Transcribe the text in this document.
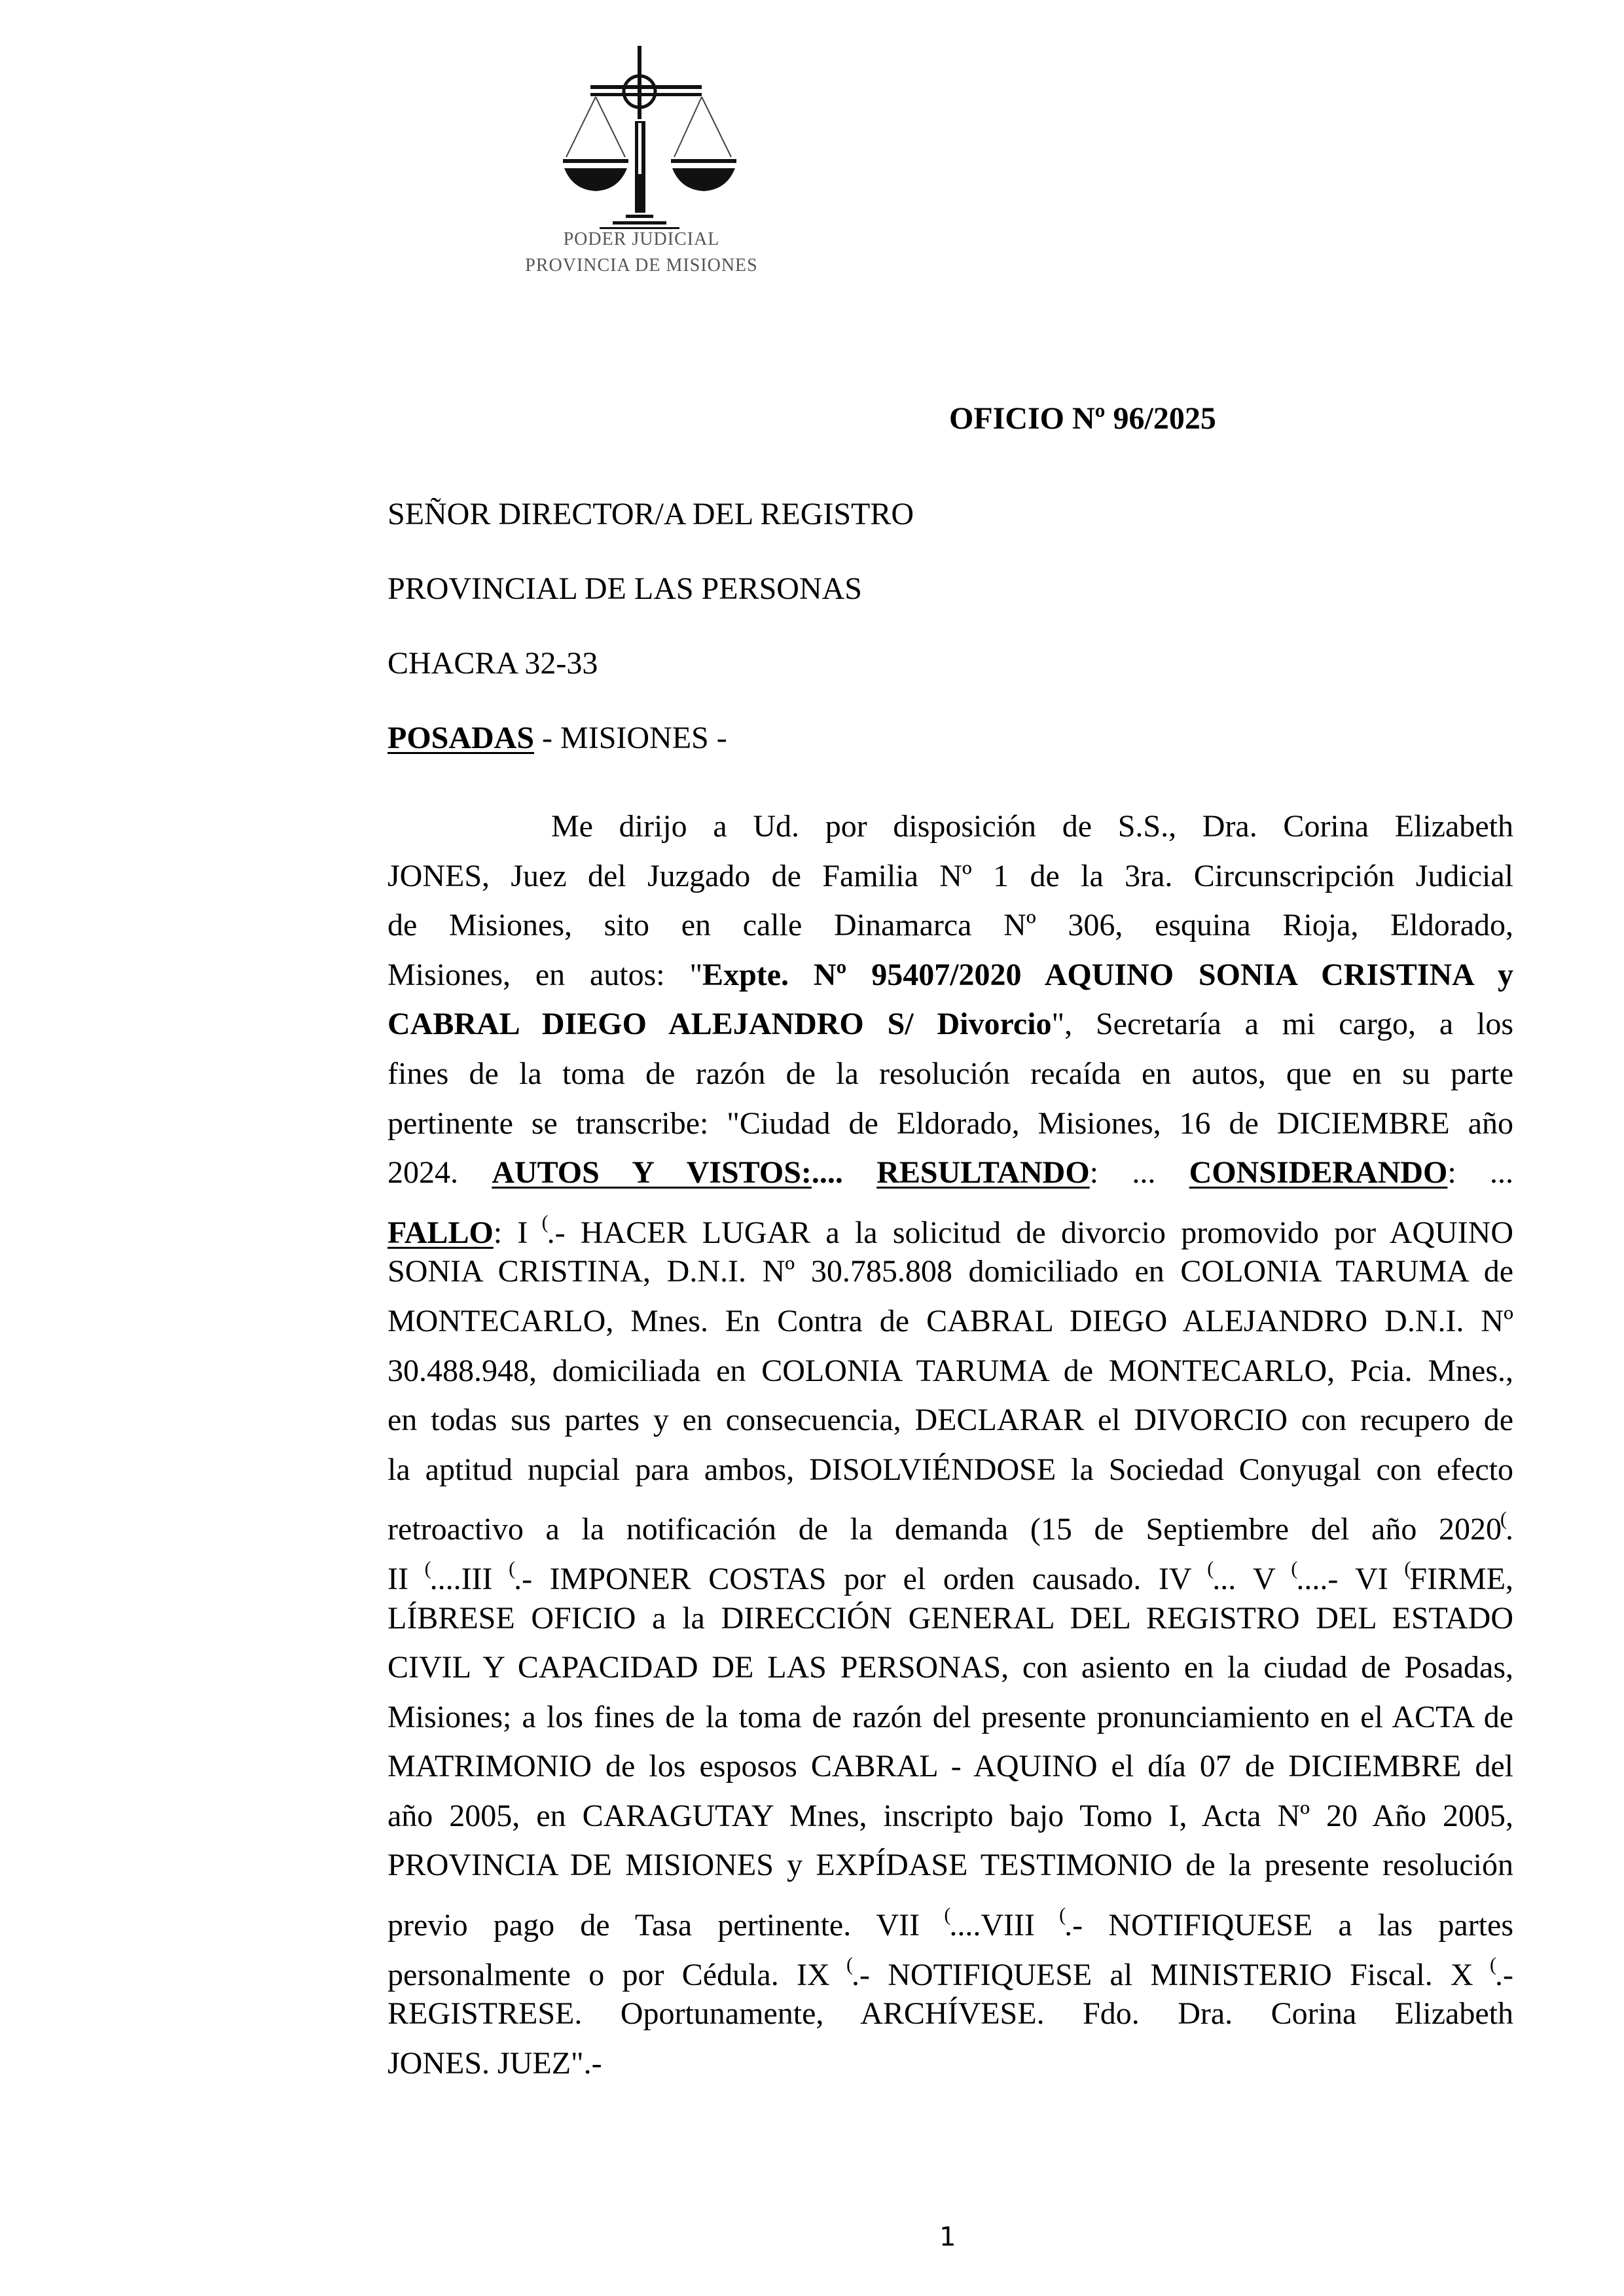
PODER JUDICIAL
PROVINCIA DE MISIONES
OFICIO Nº 96/2025
SEÑOR DIRECTOR/A DEL REGISTRO
PROVINCIAL DE LAS PERSONAS
CHACRA 32-33
POSADAS - MISIONES -
Me dirijo a Ud. por disposición de S.S., Dra. Corina Elizabeth
JONES, Juez del Juzgado de Familia Nº 1 de la 3ra. Circunscripción Judicial
de Misiones, sito en calle Dinamarca Nº 306, esquina Rioja, Eldorado,
Misiones, en autos: "Expte. Nº 95407/2020 AQUINO SONIA CRISTINA y
CABRAL DIEGO ALEJANDRO S/ Divorcio", Secretaría a mi cargo, a los
fines de la toma de razón de la resolución recaída en autos, que en su parte
pertinente se transcribe: "Ciudad de Eldorado, Misiones, 16 de DICIEMBRE año
2024. AUTOS Y VISTOS:.... RESULTANDO: ... CONSIDERANDO: ...
FALLO: I (.- HACER LUGAR a la solicitud de divorcio promovido por AQUINO
SONIA CRISTINA, D.N.I. Nº 30.785.808 domiciliado en COLONIA TARUMA de
MONTECARLO, Mnes. En Contra de CABRAL DIEGO ALEJANDRO D.N.I. Nº
30.488.948, domiciliada en COLONIA TARUMA de MONTECARLO, Pcia. Mnes.,
en todas sus partes y en consecuencia, DECLARAR el DIVORCIO con recupero de
la aptitud nupcial para ambos, DISOLVIÉNDOSE la Sociedad Conyugal con efecto
retroactivo a la notificación de la demanda (15 de Septiembre del año 2020(.
II (....III (.- IMPONER COSTAS por el orden causado. IV (... V (....- VI (FIRME,
LÍBRESE OFICIO a la DIRECCIÓN GENERAL DEL REGISTRO DEL ESTADO
CIVIL Y CAPACIDAD DE LAS PERSONAS, con asiento en la ciudad de Posadas,
Misiones; a los fines de la toma de razón del presente pronunciamiento en el ACTA de
MATRIMONIO de los esposos CABRAL - AQUINO el día 07 de DICIEMBRE del
año 2005, en CARAGUTAY Mnes, inscripto bajo Tomo I, Acta Nº 20 Año 2005,
PROVINCIA DE MISIONES y EXPÍDASE TESTIMONIO de la presente resolución
previo pago de Tasa pertinente. VII (....VIII (.- NOTIFIQUESE a las partes
personalmente o por Cédula. IX (.- NOTIFIQUESE al MINISTERIO Fiscal. X (.-
REGISTRESE. Oportunamente, ARCHÍVESE. Fdo. Dra. Corina Elizabeth
JONES. JUEZ".-
1
